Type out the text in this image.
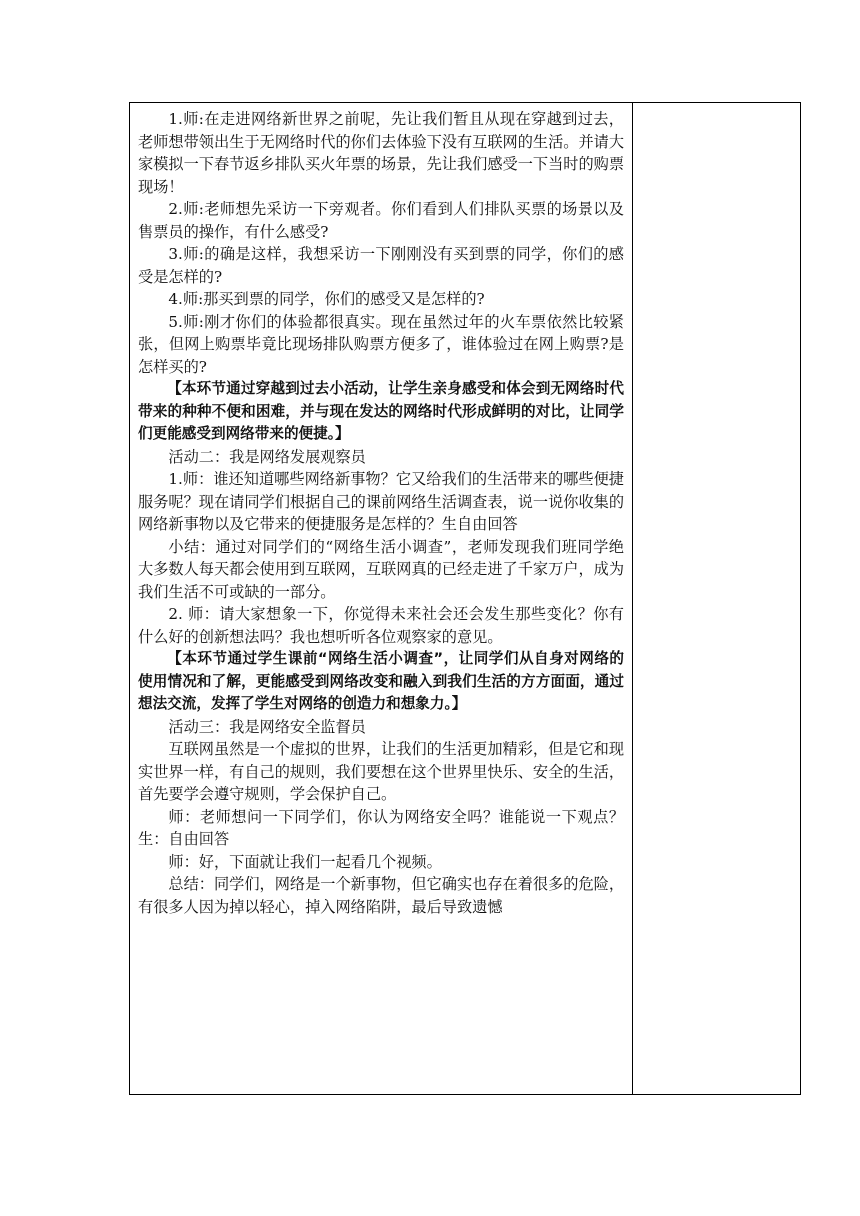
1.师:在走进网络新世界之前呢，先让我们暂且从现在穿越到过去，老师想带领出生于无网络时代的你们去体验下没有互联网的生活。并请大家模拟一下春节返乡排队买火年票的场景，先让我们感受一下当时的购票现场！

2.师:老师想先采访一下旁观者。你们看到人们排队买票的场景以及售票员的操作，有什么感受?

3.师:的确是这样，我想采访一下刚刚没有买到票的同学，你们的感受是怎样的?

4.师:那买到票的同学，你们的感受又是怎样的?

5.师:刚才你们的体验都很真实。现在虽然过年的火车票依然比较紧张，但网上购票毕竟比现场排队购票方便多了，谁体验过在网上购票?是怎样买的?

【本环节通过穿越到过去小活动，让学生亲身感受和体会到无网络时代带来的种种不便和困难，并与现在发达的网络时代形成鲜明的对比，让同学们更能感受到网络带来的便捷。】

活动二：我是网络发展观察员

1.师：谁还知道哪些网络新事物？它又给我们的生活带来的哪些便捷服务呢？现在请同学们根据自己的课前网络生活调查表，说一说你收集的网络新事物以及它带来的便捷服务是怎样的？生自由回答

小结：通过对同学们的“网络生活小调查”，老师发现我们班同学绝大多数人每天都会使用到互联网，互联网真的已经走进了千家万户，成为我们生活不可或缺的一部分。

2. 师：请大家想象一下，你觉得未来社会还会发生那些变化？你有什么好的创新想法吗？我也想听听各位观察家的意见。

【本环节通过学生课前“网络生活小调查”，让同学们从自身对网络的使用情况和了解，更能感受到网络改变和融入到我们生活的方方面面，通过想法交流，发挥了学生对网络的创造力和想象力。】

活动三：我是网络安全监督员

互联网虽然是一个虚拟的世界，让我们的生活更加精彩，但是它和现实世界一样，有自己的规则，我们要想在这个世界里快乐、安全的生活，首先要学会遵守规则，学会保护自己。

师：老师想问一下同学们，你认为网络安全吗？谁能说一下观点？生：自由回答

师：好，下面就让我们一起看几个视频。

总结：同学们，网络是一个新事物，但它确实也存在着很多的危险，有很多人因为掉以轻心，掉入网络陷阱，最后导致遗憾
